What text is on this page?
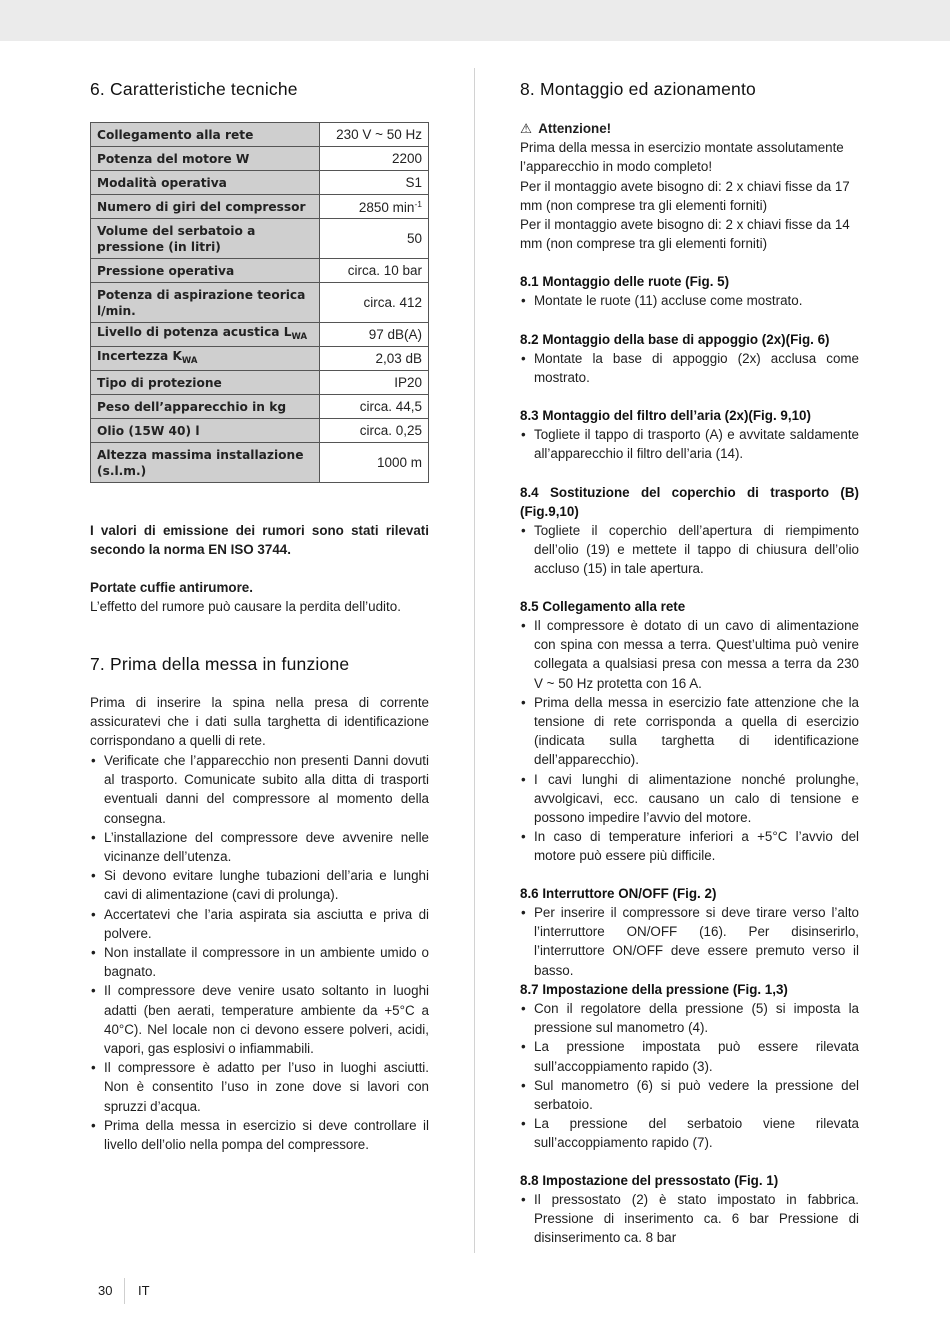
6. Caratteristiche tecniche
Collegamento alla rete	230 V ~ 50 Hz
Potenza del motore W	2200
Modalità operativa	S1
Numero di giri del compressor	2850 $\min^{-1}$
Volume del serbatoio a pressione (in litri)	50
Pressione operativa	circa. 10 bar
Potenza di aspirazione teorica l/min.	circa. 412
Livello di potenza acustica $L_{WA}$	97 dB(A)
Incertezza $K_{WA}$	2,03 dB
Tipo di protezione	IP20
Peso dell’apparecchio in kg	circa. 44,5
Olio (15W 40) l	circa. 0,25
Altezza massima installazione (s.l.m.)	1000 m

I valori di emissione dei rumori sono stati rilevati secondo la norma EN ISO 3744.

Portate cuffie antirumore.

L’effetto del rumore può causare la perdita dell’udito.

7. Prima della messa in funzione

Prima di inserire la spina nella presa di corrente assicuratevi che i dati sulla targhetta di identificazione corrispondano a quelli di rete.

• Verificate che l’apparecchio non presenti Danni dovuti al trasporto. Comunicate subito alla ditta di trasporti eventuali danni del compressore al momento della consegna.
• L’installazione del compressore deve avvenire nelle vicinanze dell’utenza.
• Si devono evitare lunghe tubazioni dell’aria e lunghi cavi di alimentazione (cavi di prolunga).
• Accertatevi che l’aria aspirata sia asciutta e priva di polvere.
• Non installate il compressore in un ambiente umido o bagnato.
• Il compressore deve venire usato soltanto in luoghi adatti (ben aerati, temperature ambiente da +5°C a 40°C). Nel locale non ci devono essere polveri, acidi, vapori, gas esplosivi o infiammabili.
• Il compressore è adatto per l’uso in luoghi asciutti. Non è consentito l’uso in zone dove si lavori con spruzzi d’acqua.
• Prima della messa in esercizio si deve controllare il livello dell’olio nella pompa del compressore.
8. Montaggio ed azionamento

⚠ Attenzione!

Prima della messa in esercizio montate assolutamente l’apparecchio in modo completo!

Per il montaggio avete bisogno di: 2 x chiavi fisse da 17 mm (non comprese tra gli elementi forniti)

Per il montaggio avete bisogno di: 2 x chiavi fisse da 14 mm (non comprese tra gli elementi forniti)

8.1 Montaggio delle ruote (Fig. 5)

• Montate le ruote (11) accluse come mostrato.

8.2 Montaggio della base di appoggio (2x)(Fig. 6)

• Montate la base di appoggio (2x) acclusa come mostrato.

8.3 Montaggio del filtro dell’aria (2x)(Fig. 9,10)

• Togliete il tappo di trasporto (A) e avvitate saldamente all’apparecchio il filtro dell’aria (14).

8.4 Sostituzione del coperchio di trasporto (B) (Fig.9,10)

• Togliete il coperchio dell’apertura di riempimento dell’olio (19) e mettete il tappo di chiusura dell’olio accluso (15) in tale apertura.

8.5 Collegamento alla rete

• Il compressore è dotato di un cavo di alimentazione con spina con messa a terra. Quest’ultima può venire collegata a qualsiasi presa con messa a terra da 230 V ~ 50 Hz protetta con 16 A.
• Prima della messa in esercizio fate attenzione che la tensione di rete corrisponda a quella di esercizio (indicata sulla targhetta di identificazione dell’apparecchio).
• I cavi lunghi di alimentazione nonché prolunghe, avvolgicavi, ecc. causano un calo di tensione e possono impedire l’avvio del motore.
• In caso di temperature inferiori a +5°C l’avvio del motore può essere più difficile.

8.6 Interruttore ON/OFF (Fig. 2)

• Per inserire il compressore si deve tirare verso l’alto l’interruttore ON/OFF (16). Per disinserirlo, l’interruttore ON/OFF deve essere premuto verso il basso.

8.7 Impostazione della pressione (Fig. 1,3)

• Con il regolatore della pressione (5) si imposta la pressione sul manometro (4).
• La pressione impostata può essere rilevata sull’accoppiamento rapido (3).
• Sul manometro (6) si può vedere la pressione del serbatoio.
• La pressione del serbatoio viene rilevata sull’accoppiamento rapido (7).

8.8 Impostazione del pressostato (Fig. 1)

• Il pressostato (2) è stato impostato in fabbrica. Pressione di inserimento ca. 6 bar Pressione di disinserimento ca. 8 bar
30 IT
